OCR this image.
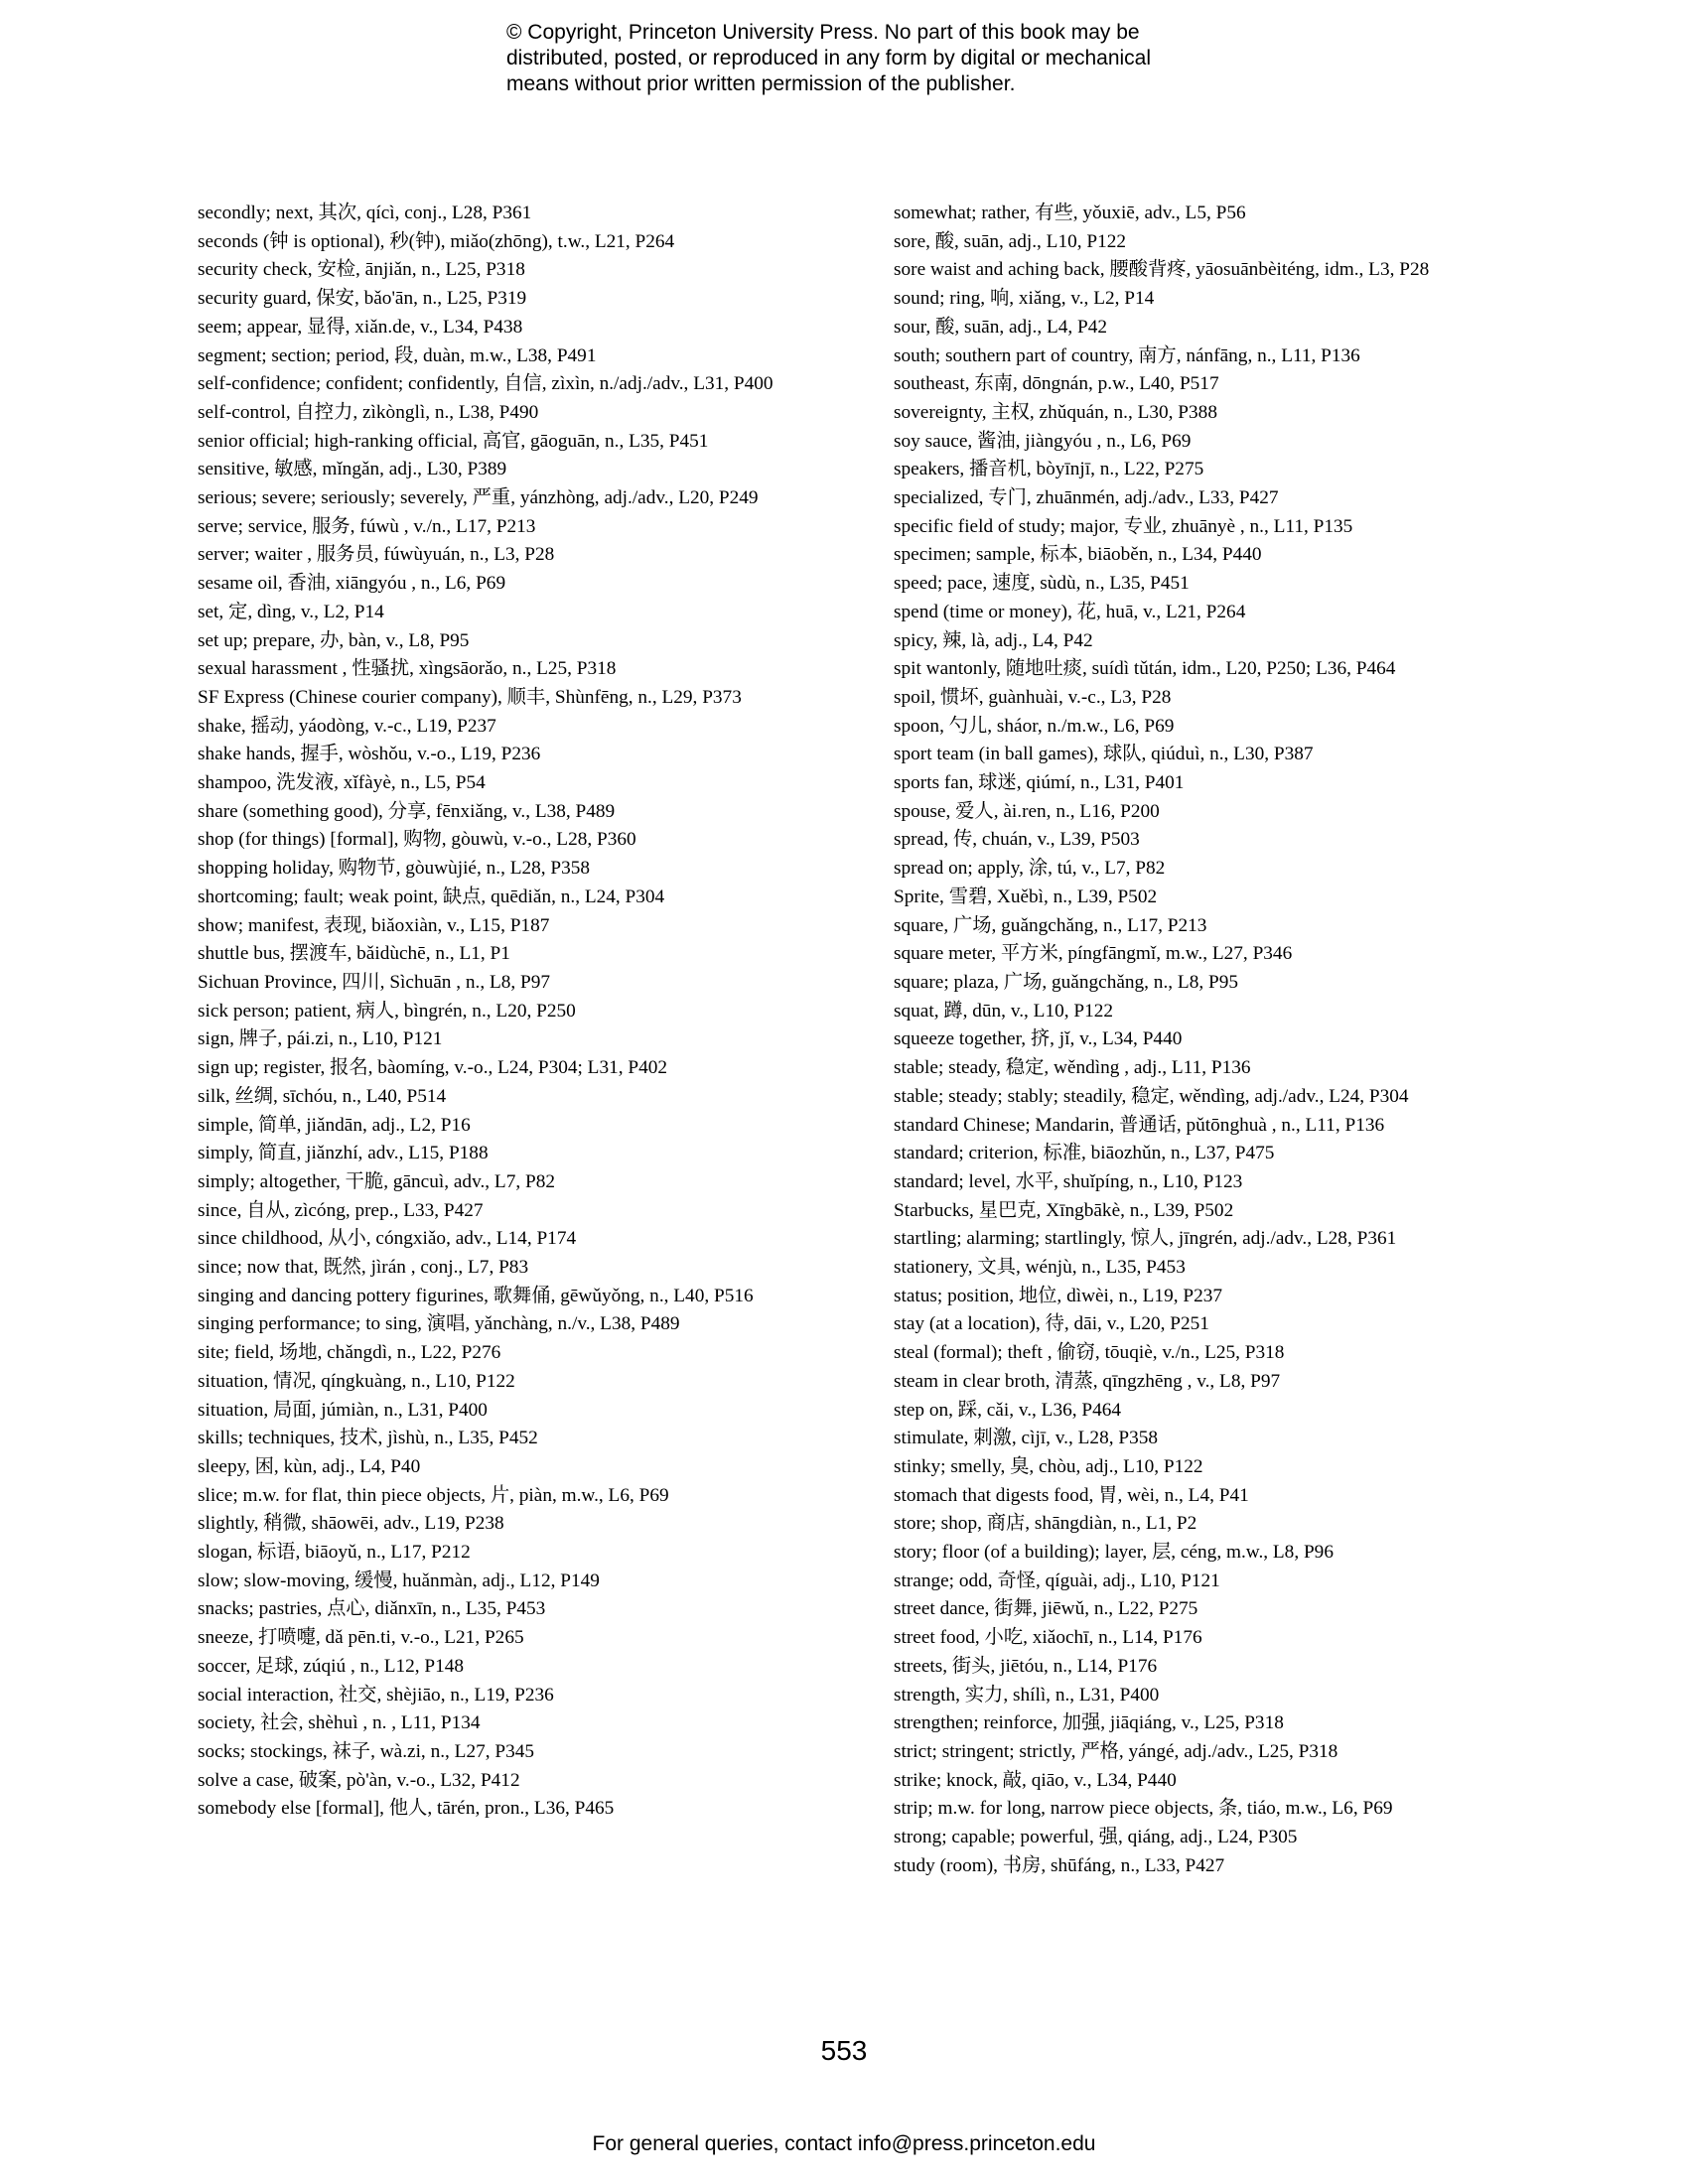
© Copyright, Princeton University Press. No part of this book may be
distributed, posted, or reproduced in any form by digital or mechanical
means without prior written permission of the publisher.
secondly; next, 其次, qícì, conj., L28, P361
seconds (钟 is optional), 秒(钟), miǎo(zhōng), t.w., L21, P264
security check, 安检, ānjiǎn, n., L25, P318
security guard, 保安, bǎo'ān, n., L25, P319
seem; appear, 显得, xiǎn.de, v., L34, P438
segment; section; period, 段, duàn, m.w., L38, P491
self-confidence; confident; confidently, 自信, zìxìn, n./adj./adv., L31, P400
self-control, 自控力, zìkònglì, n., L38, P490
senior official; high-ranking official, 高官, gāoguān, n., L35, P451
sensitive, 敏感, mǐngǎn, adj., L30, P389
serious; severe; seriously; severely, 严重, yánzhòng, adj./adv., L20, P249
serve; service, 服务, fúwù , v./n., L17, P213
server; waiter , 服务员, fúwùyuán, n., L3, P28
sesame oil, 香油, xiāngyóu , n., L6, P69
set, 定, dìng, v., L2, P14
set up; prepare, 办, bàn, v., L8, P95
sexual harassment , 性骚扰, xìngsāorǎo, n., L25, P318
SF Express (Chinese courier company), 顺丰, Shùnfēng, n., L29, P373
shake, 摇动, yáodòng, v.-c., L19, P237
shake hands, 握手, wòshǒu, v.-o., L19, P236
shampoo, 洗发液, xǐfàyè, n., L5, P54
share (something good), 分享, fēnxiǎng, v., L38, P489
shop (for things) [formal], 购物, gòuwù, v.-o., L28, P360
shopping holiday, 购物节, gòuwùjié, n., L28, P358
shortcoming; fault; weak point, 缺点, quēdiǎn, n., L24, P304
show; manifest, 表现, biǎoxiàn, v., L15, P187
shuttle bus, 摆渡车, bǎidùchē, n., L1, P1
Sichuan Province, 四川, Sìchuān , n., L8, P97
sick person; patient, 病人, bìngrén, n., L20, P250
sign, 牌子, pái.zi, n., L10, P121
sign up; register, 报名, bàomíng, v.-o., L24, P304; L31, P402
silk, 丝绸, sīchóu, n., L40, P514
simple, 简单, jiǎndān, adj., L2, P16
simply, 简直, jiǎnzhí, adv., L15, P188
simply; altogether, 干脆, gāncuì, adv., L7, P82
since, 自从, zìcóng, prep., L33, P427
since childhood, 从小, cóngxiǎo, adv., L14, P174
since; now that, 既然, jìrán , conj., L7, P83
singing and dancing pottery figurines, 歌舞俑, gēwǔyǒng, n., L40, P516
singing performance; to sing, 演唱, yǎnchàng, n./v., L38, P489
site; field, 场地, chǎngdì, n., L22, P276
situation, 情况, qíngkuàng, n., L10, P122
situation, 局面, júmiàn, n., L31, P400
skills; techniques, 技术, jìshù, n., L35, P452
sleepy, 困, kùn, adj., L4, P40
slice; m.w. for flat, thin piece objects, 片, piàn, m.w., L6, P69
slightly, 稍微, shāowēi, adv., L19, P238
slogan, 标语, biāoyǔ, n., L17, P212
slow; slow-moving, 缓慢, huǎnmàn, adj., L12, P149
snacks; pastries, 点心, diǎnxīn, n., L35, P453
sneeze, 打喷嚏, dǎ pēn.ti, v.-o., L21, P265
soccer, 足球, zúqiú , n., L12, P148
social interaction, 社交, shèjiāo, n., L19, P236
society, 社会, shèhuì , n. , L11, P134
socks; stockings, 袜子, wà.zi, n., L27, P345
solve a case, 破案, pò'àn, v.-o., L32, P412
somebody else [formal], 他人, tārén, pron., L36, P465
somewhat; rather, 有些, yǒuxiē, adv., L5, P56
sore, 酸, suān, adj., L10, P122
sore waist and aching back, 腰酸背疼, yāosuānbèiténg, idm., L3, P28
sound; ring, 响, xiǎng, v., L2, P14
sour, 酸, suān, adj., L4, P42
south; southern part of country, 南方, nánfāng, n., L11, P136
southeast, 东南, dōngnán, p.w., L40, P517
sovereignty, 主权, zhǔquán, n., L30, P388
soy sauce, 酱油, jiàngyóu , n., L6, P69
speakers, 播音机, bòyīnjī, n., L22, P275
specialized, 专门, zhuānmén, adj./adv., L33, P427
specific field of study; major, 专业, zhuānyè , n., L11, P135
specimen; sample, 标本, biāoběn, n., L34, P440
speed; pace, 速度, sùdù, n., L35, P451
spend (time or money), 花, huā, v., L21, P264
spicy, 辣, là, adj., L4, P42
spit wantonly, 随地吐痰, suídì tǔtán, idm., L20, P250; L36, P464
spoil, 惯坏, guànhuài, v.-c., L3, P28
spoon, 勺儿, sháor, n./m.w., L6, P69
sport team (in ball games), 球队, qiúduì, n., L30, P387
sports fan, 球迷, qiúmí, n., L31, P401
spouse, 爱人, ài.ren, n., L16, P200
spread, 传, chuán, v., L39, P503
spread on; apply, 涂, tú, v., L7, P82
Sprite, 雪碧, Xuěbì, n., L39, P502
square, 广场, guǎngchǎng, n., L17, P213
square meter, 平方米, píngfāngmǐ, m.w., L27, P346
square; plaza, 广场, guǎngchǎng, n., L8, P95
squat, 蹲, dūn, v., L10, P122
squeeze together, 挤, jǐ, v., L34, P440
stable; steady, 稳定, wěndìng , adj., L11, P136
stable; steady; stably; steadily, 稳定, wěndìng, adj./adv., L24, P304
standard Chinese; Mandarin, 普通话, pǔtōnghuà , n., L11, P136
standard; criterion, 标准, biāozhǔn, n., L37, P475
standard; level, 水平, shuǐpíng, n., L10, P123
Starbucks, 星巴克, Xīngbākè, n., L39, P502
startling; alarming; startlingly, 惊人, jīngrén, adj./adv., L28, P361
stationery, 文具, wénjù, n., L35, P453
status; position, 地位, dìwèi, n., L19, P237
stay (at a location), 待, dāi, v., L20, P251
steal (formal); theft , 偷窃, tōuqiè, v./n., L25, P318
steam in clear broth, 清蒸, qīngzhēng , v., L8, P97
step on, 踩, cǎi, v., L36, P464
stimulate, 刺激, cìjī, v., L28, P358
stinky; smelly, 臭, chòu, adj., L10, P122
stomach that digests food, 胃, wèi, n., L4, P41
store; shop, 商店, shāngdiàn, n., L1, P2
story; floor (of a building); layer, 层, céng, m.w., L8, P96
strange; odd, 奇怪, qíguài, adj., L10, P121
street dance, 街舞, jiēwǔ, n., L22, P275
street food, 小吃, xiǎochī, n., L14, P176
streets, 街头, jiētóu, n., L14, P176
strength, 实力, shílì, n., L31, P400
strengthen; reinforce, 加强, jiāqiáng, v., L25, P318
strict; stringent; strictly, 严格, yángé, adj./adv., L25, P318
strike; knock, 敲, qiāo, v., L34, P440
strip; m.w. for long, narrow piece objects, 条, tiáo, m.w., L6, P69
strong; capable; powerful, 强, qiáng, adj., L24, P305
study (room), 书房, shūfáng, n., L33, P427
553
For general queries, contact info@press.princeton.edu
